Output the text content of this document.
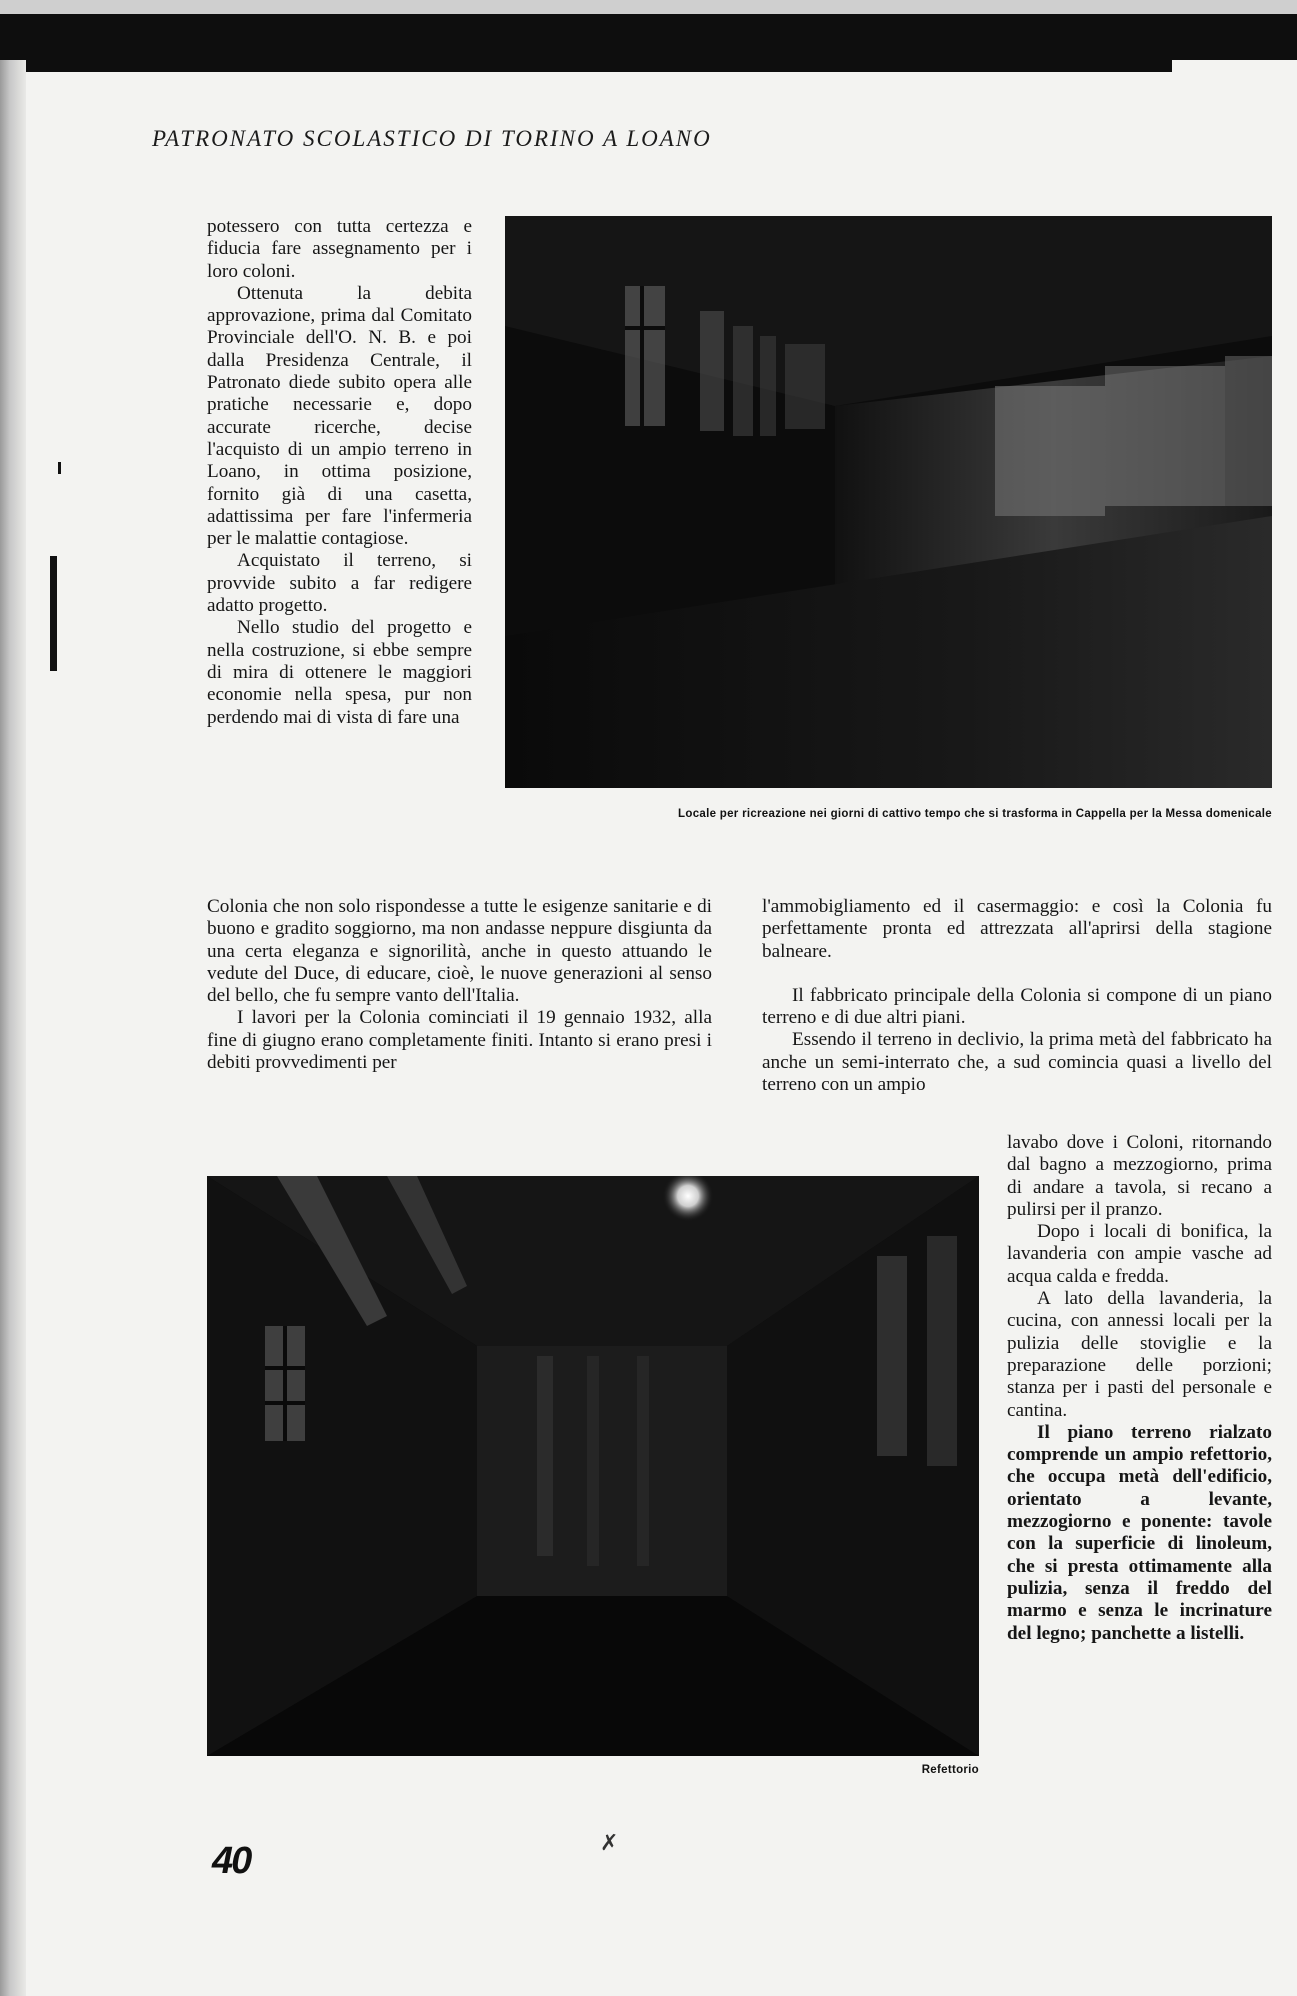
PATRONATO SCOLASTICO DI TORINO A LOANO

potessero con tutta certezza e fiducia fare assegnamento per i loro coloni.

Ottenuta la debita approvazione, prima dal Comitato Provinciale dell'O. N. B. e poi dalla Presidenza Centrale, il Patronato diede subito opera alle pratiche necessarie e, dopo accurate ricerche, decise l'acquisto di un ampio terreno in Loano, in ottima posizione, fornito già di una casetta, adattissima per fare l'infermeria per le malattie contagiose.

Acquistato il terreno, si provvide subito a far redigere adatto progetto.

Nello studio del progetto e nella costruzione, si ebbe sempre di mira di ottenere le maggiori economie nella spesa, pur non perdendo mai di vista di fare una

Locale per ricreazione nei giorni di cattivo tempo che si trasforma in Cappella per la Messa domenicale

Colonia che non solo rispondesse a tutte le esigenze sanitarie e di buono e gradito soggiorno, ma non andasse neppure disgiunta da una certa eleganza e signorilità, anche in questo attuando le vedute del Duce, di educare, cioè, le nuove generazioni al senso del bello, che fu sempre vanto dell'Italia.

I lavori per la Colonia cominciati il 19 gennaio 1932, alla fine di giugno erano completamente finiti. Intanto si erano presi i debiti provvedimenti per

l'ammobigliamento ed il casermaggio: e così la Colonia fu perfettamente pronta ed attrezzata all'aprirsi della stagione balneare.

Il fabbricato principale della Colonia si compone di un piano terreno e di due altri piani.

Essendo il terreno in declivio, la prima metà del fabbricato ha anche un semi-interrato che, a sud comincia quasi a livello del terreno con un ampio

Refettorio

lavabo dove i Coloni, ritornando dal bagno a mezzogiorno, prima di andare a tavola, si recano a pulirsi per il pranzo.

Dopo i locali di bonifica, la lavanderia con ampie vasche ad acqua calda e fredda.

A lato della lavanderia, la cucina, con annessi locali per la pulizia delle stoviglie e la preparazione delle porzioni; stanza per i pasti del personale e cantina.

Il piano terreno rialzato comprende un ampio refettorio, che occupa metà dell'edificio, orientato a levante, mezzogiorno e ponente: tavole con la superficie di linoleum, che si presta ottimamente alla pulizia, senza il freddo del marmo e senza le incrinature del legno; panchette a listelli.

40	✗
